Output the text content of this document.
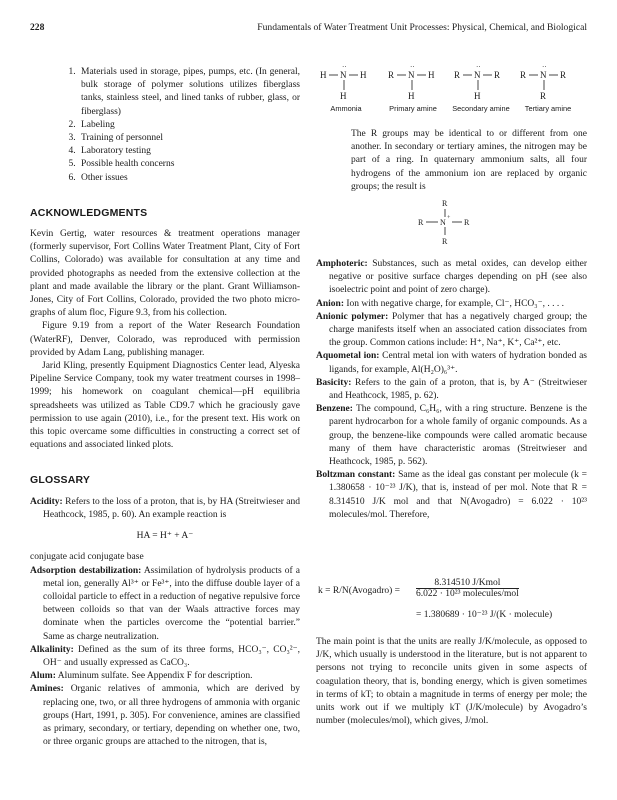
228	Fundamentals of Water Treatment Unit Processes: Physical, Chemical, and Biological
1. Materials used in storage, pipes, pumps, etc. (In general, bulk storage of polymer solutions utilizes fiberglass tanks, stainless steel, and lined tanks of rubber, glass, or fiberglass)
2. Labeling
3. Training of personnel
4. Laboratory testing
5. Possible health concerns
6. Other issues
ACKNOWLEDGMENTS

Kevin Gertig, water resources & treatment operations manager (formerly supervisor, Fort Collins Water Treatment Plant, City of Fort Collins, Colorado) was available for consultation at any time and provided photographs as needed from the extensive collection at the plant and made available the library or the plant. Grant Williamson-Jones, City of Fort Collins, Colorado, provided the two photo micro-graphs of alum floc, Figure 9.3, from his collection.

Figure 9.19 from a report of the Water Research Foundation (WaterRF), Denver, Colorado, was reproduced with permission provided by Adam Lang, publishing manager.

Jarid Kling, presently Equipment Diagnostics Center lead, Alyeska Pipeline Service Company, took my water treatment courses in 1998–1999; his homework on coagulant chemical—pH equilibria spreadsheets was utilized as Table CD9.7 which he graciously gave permission to use again (2010), i.e., for the present text. His work on this topic overcame some difficulties in constructing a correct set of equations and associated linked plots.

GLOSSARY
Acidity: Refers to the loss of a proton, that is, by HA (Streitwieser and Heathcock, 1985, p. 60). An example reaction is
HA = H⁺ + A⁻
conjugate acid conjugate base
Adsorption destabilization: Assimilation of hydrolysis products of a metal ion, generally Al³⁺ or Fe³⁺, into the diffuse double layer of a colloidal particle to effect in a reduction of negative repulsive force between colloids so that van der Waals attractive forces may dominate when the particles overcome the “potential barrier.” Same as charge neutralization.
Alkalinity: Defined as the sum of its three forms, HCO₃⁻, CO₃²⁻, OH⁻ and usually expressed as CaCO₃.
Alum: Aluminum sulfate. See Appendix F for description.
Amines: Organic relatives of ammonia, which are derived by replacing one, two, or all three hydrogens of ammonia with organic groups (Hart, 1991, p. 305). For convenience, amines are classified as primary, secondary, or tertiary, depending on whether one, two, or three organic groups are attached to the nitrogen, that is,
H N
··
H
H
R N
··
H
H
R N
··
R
H
R N
··
R
R
Ammonia	Primary amine	Secondary amine	Tertiary amine

The R groups may be identical to or different from one another. In secondary or tertiary amines, the nitrogen may be part of a ring. In quaternary ammonium salts, all four hydrogens of the ammonium ion are replaced by organic groups; the result is

R
R N + R
R
Amphoteric: Substances, such as metal oxides, can develop either negative or positive surface charges depending on pH (see also isoelectric point and point of zero charge).
Anion: Ion with negative charge, for example, Cl⁻, HCO₃⁻, . . . .
Anionic polymer: Polymer that has a negatively charged group; the charge manifests itself when an associated cation dissociates from the group. Common cations include: H⁺, Na⁺, K⁺, Ca²⁺, etc.
Aquometal ion: Central metal ion with waters of hydration bonded as ligands, for example, Al(H₂O)₆³⁺.
Basicity: Refers to the gain of a proton, that is, by A⁻ (Streitwieser and Heathcock, 1985, p. 62).
Benzene: The compound, C₆H₆, with a ring structure. Benzene is the parent hydrocarbon for a whole family of organic compounds. As a group, the benzene-like compounds were called aromatic because many of them have characteristic aromas (Streitwieser and Heathcock, 1985, p. 562).
Boltzman constant: Same as the ideal gas constant per molecule (k = 1.380658 · 10⁻²³ J/K), that is, instead of per mol. Note that R = 8.314510 J/K mol and that N(Avogadro) = 6.022 · 10²³ molecules/mol. Therefore,
k = R/N(Avogadro) =
8.314510 J/Kmol
6.022 · 10²³ molecules/mol
= 1.380689 · 10⁻²³ J/(K · molecule)

The main point is that the units are really J/K/molecule, as opposed to J/K, which usually is understood in the literature, but is not apparent to persons not trying to reconcile units given in some aspects of coagulation theory, that is, bonding energy, which is given sometimes in terms of kT; to obtain a magnitude in terms of energy per mole; the units work out if we multiply kT (J/K/molecule) by Avogadro’s number (molecules/mol), which gives, J/mol.
